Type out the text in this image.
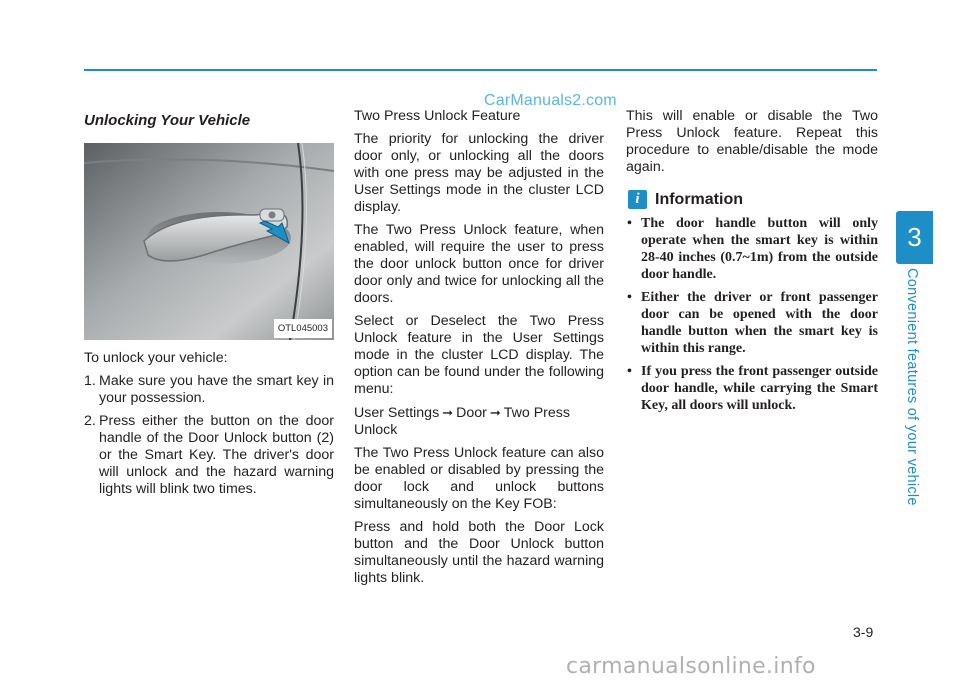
CarManuals2.com
3
Convenient features of your vehicle
Unlocking Your Vehicle
OTL045003

To unlock your vehicle:

1. Make sure you have the smart key in your possession.
2. Press either the button on the door handle of the Door Unlock button (2) or the Smart Key. The driver's door will unlock and the hazard warning lights will blink two times.

Two Press Unlock Feature

The priority for unlocking the driver door only, or unlocking all the doors with one press may be adjusted in the User Settings mode in the cluster LCD display.

The Two Press Unlock feature, when enabled, will require the user to press the door unlock button once for driver door only and twice for unlocking all the doors.

Select or Deselect the Two Press Unlock feature in the User Settings mode in the cluster LCD display. The option can be found under the following menu:

User Settings ➞ Door ➞ Two Press Unlock

The Two Press Unlock feature can also be enabled or disabled by pressing the door lock and unlock buttons simultaneously on the Key FOB:

Press and hold both the Door Lock button and the Door Unlock button simultaneously until the hazard warning lights blink.

This will enable or disable the Two Press Unlock feature. Repeat this procedure to enable/disable the mode again.

i Information
• The door handle button will only operate when the smart key is within 28-40 inches (0.7~1m) from the outside door handle.
• Either the driver or front passenger door can be opened with the door handle button when the smart key is within this range.
• If you press the front passenger outside door handle, while carrying the Smart Key, all doors will unlock.
3-9
carmanualsonline.info
